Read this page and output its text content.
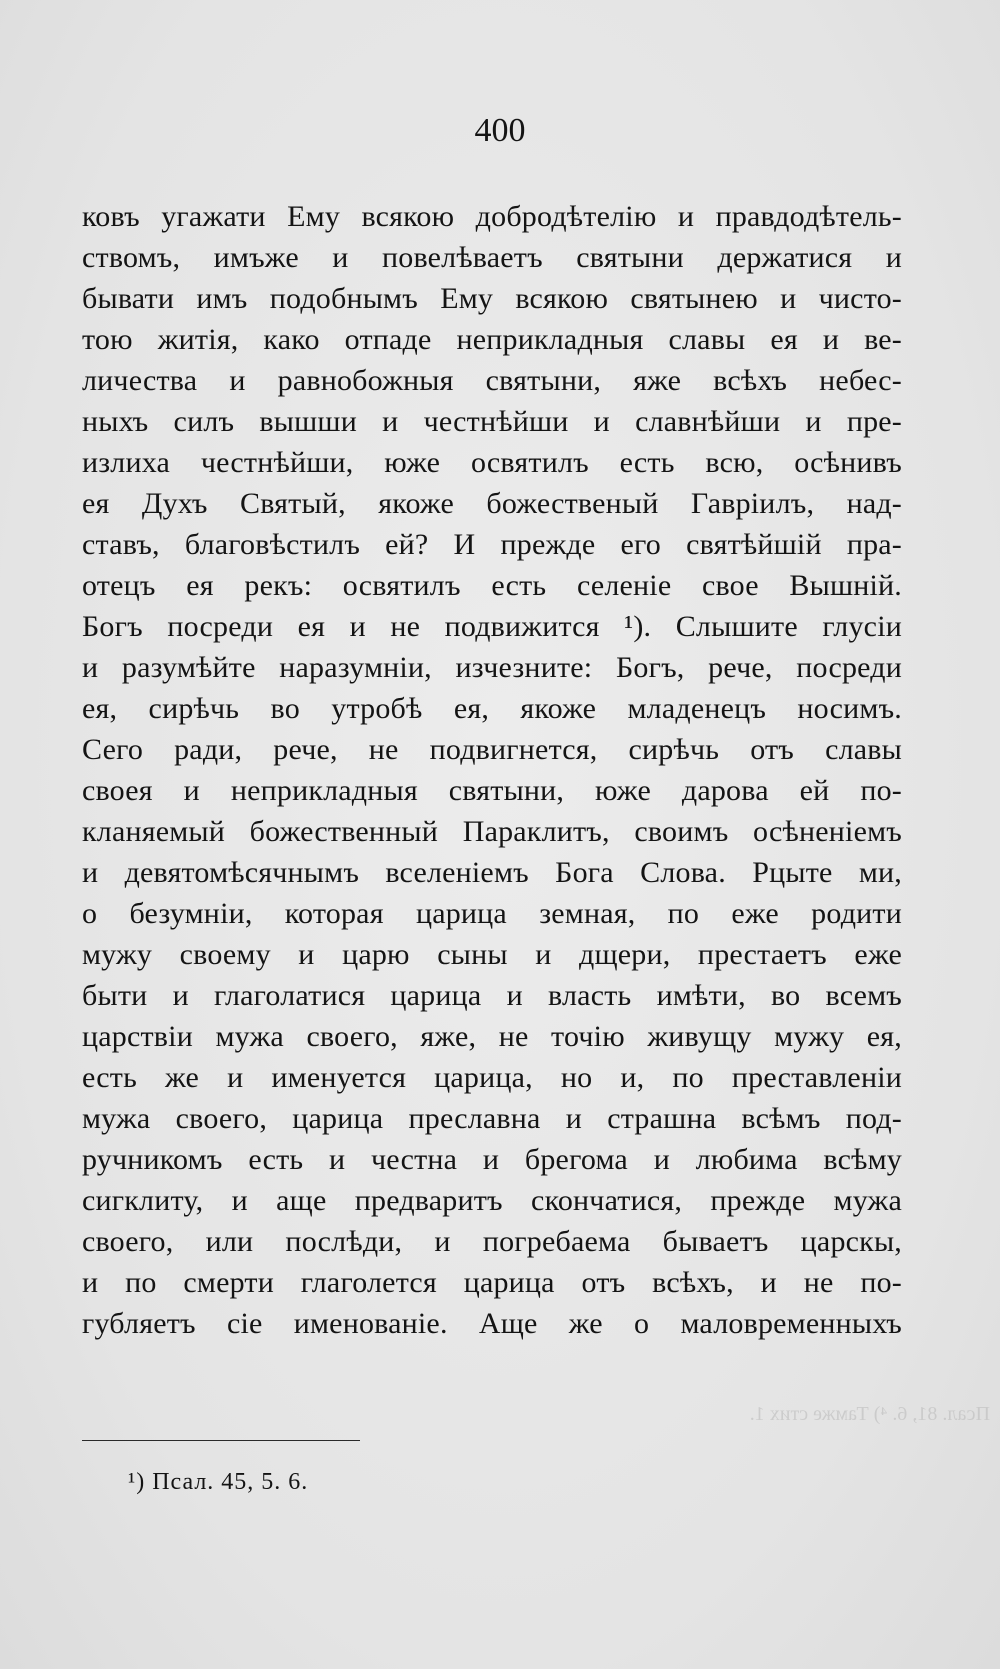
Псал. 81, 6. ⁴) Тамже стих 1.
400
ковъ угажати Ему всякою добродѣтелію и правдодѣтель-
ствомъ, имъже и повелѣваетъ святыни держатися и
бывати имъ подобнымъ Ему всякою святынею и чисто-
тою житія, како отпаде неприкладныя славы ея и ве-
личества и равнобожныя святыни, яже всѣхъ небес-
ныхъ силъ вышши и честнѣйши и славнѣйши и пре-
излиха честнѣйши, юже освятилъ есть всю, осѣнивъ
ея Духъ Святый, якоже божественый Гавріилъ, над-
ставъ, благовѣстилъ ей? И прежде его святѣйшій пра-
отецъ ея рекъ: освятилъ есть селеніе свое Вышній.
Богъ посреди ея и не подвижится ¹). Слышите глусіи
и разумѣйте наразумніи, изчезните: Богъ, рече, посреди
ея, сирѣчь во утробѣ ея, якоже младенецъ носимъ.
Сего ради, рече, не подвигнется, сирѣчь отъ славы
своея и неприкладныя святыни, юже дарова ей по-
кланяемый божественный Параклитъ, своимъ осѣненіемъ
и девятомѣсячнымъ вселеніемъ Бога Слова. Рцыте ми,
о безумніи, которая царица земная, по еже родити
мужу своему и царю сыны и дщери, престаетъ еже
быти и глаголатися царица и власть имѣти, во всемъ
царствіи мужа своего, яже, не точію живущу мужу ея,
есть же и именуется царица, но и, по преставленіи
мужа своего, царица преславна и страшна всѣмъ под-
ручникомъ есть и честна и брегома и любима всѣму
сигклиту, и аще предваритъ скончатися, прежде мужа
своего, или послѣди, и погребаема бываетъ царскы,
и по смерти глаголется царица отъ всѣхъ, и не по-
губляетъ сіе именованіе. Аще же о маловременныхъ
¹) Псал. 45, 5. 6.
